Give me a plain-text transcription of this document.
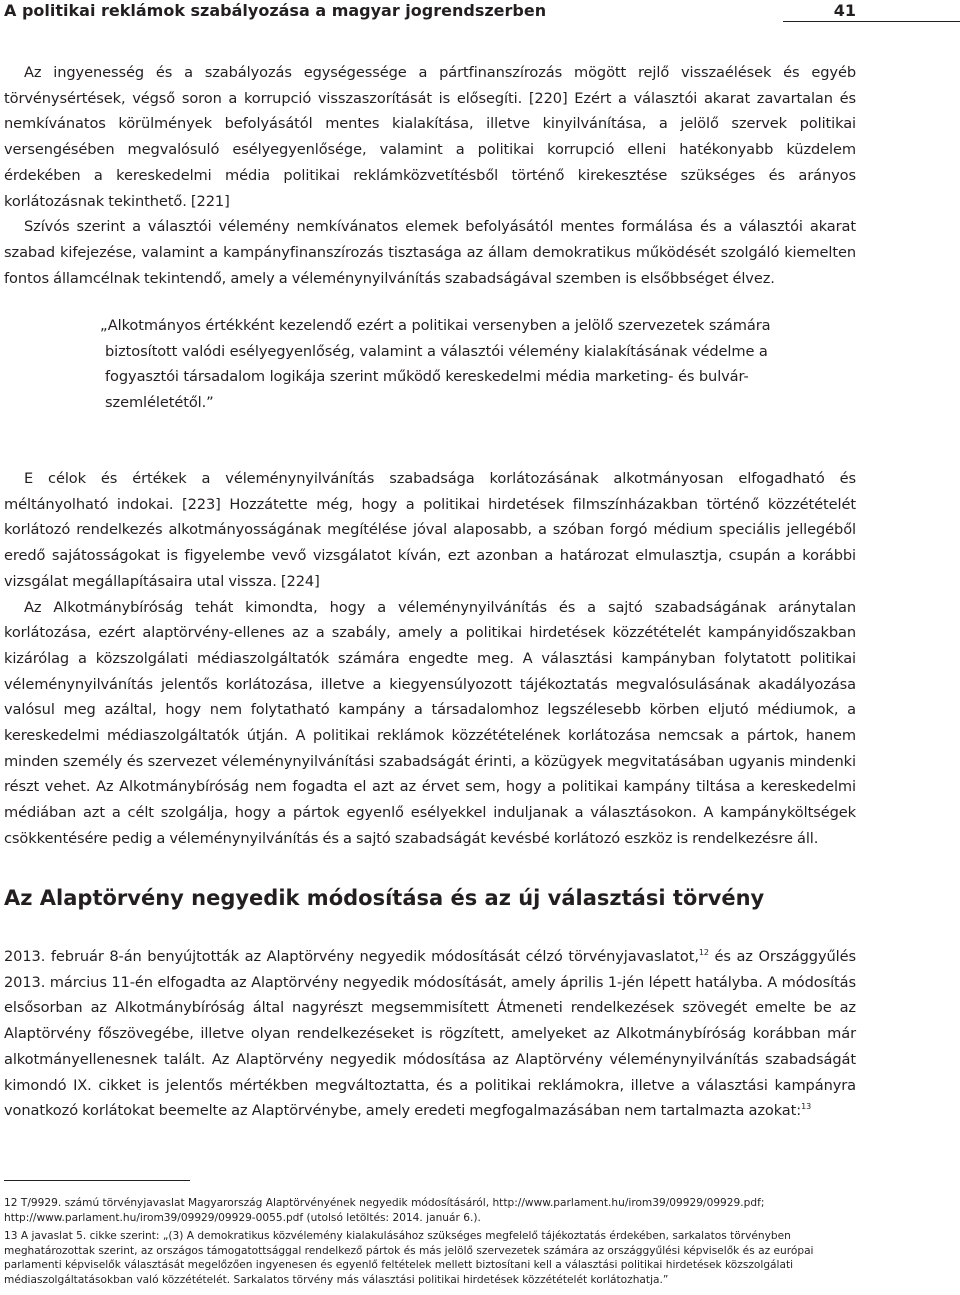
A politikai reklámok szabályozása a magyar jogrendszerben	41

Az ingyenesség és a szabályozás egységessége a pártfinanszírozás mögött rejlő visszaélések és egyéb törvénysértések, végső soron a korrupció visszaszorítását is elősegíti. [220] Ezért a választói akarat zavartalan és nemkívánatos körülmények befolyásától mentes kialakítása, illetve kinyilvánítása, a jelölő szervek politikai versengésében megvalósuló esélyegyenlősége, valamint a politikai korrupció elleni hatékonyabb küzdelem érdekében a kereskedelmi média politikai reklámközvetítésből történő kirekesztése szükséges és arányos korlátozásnak tekinthető. [221]

Szívós szerint a választói vélemény nemkívánatos elemek befolyásától mentes formálása és a választói akarat szabad kifejezése, valamint a kampányfinanszírozás tisztasága az állam demokratikus működését szolgáló kiemelten fontos államcélnak tekintendő, amely a véleménynyilvánítás szabadságával szemben is elsőbbséget élvez.

„Alkotmányos értékként kezelendő ezért a politikai versenyben a jelölő szervezetek számára
biztosított valódi esélyegyenlőség, valamint a választói vélemény kialakításának védelme a
fogyasztói társadalom logikája szerint működő kereskedelmi média marketing- és bulvár-
szemléletétől.”

E célok és értékek a véleménynyilvánítás szabadsága korlátozásának alkotmányosan elfogadható és méltányolható indokai. [223] Hozzátette még, hogy a politikai hirdetések filmszínházakban történő közzétételét korlátozó rendelkezés alkotmányosságának megítélése jóval alaposabb, a szóban forgó médium speciális jellegéből eredő sajátosságokat is figyelembe vevő vizsgálatot kíván, ezt azonban a határozat elmulasztja, csupán a korábbi vizsgálat megállapításaira utal vissza. [224]

Az Alkotmánybíróság tehát kimondta, hogy a véleménynyilvánítás és a sajtó szabadságának aránytalan korlátozása, ezért alaptörvény-ellenes az a szabály, amely a politikai hirdetések közzétételét kampányidőszakban kizárólag a közszolgálati médiaszolgáltatók számára engedte meg. A választási kampányban folytatott politikai véleménynyilvánítás jelentős korlátozása, illetve a kiegyensúlyozott tájékoztatás megvalósulásának akadályozása valósul meg azáltal, hogy nem folytatható kampány a társadalomhoz legszélesebb körben eljutó médiumok, a kereskedelmi médiaszolgáltatók útján. A politikai reklámok közzétételének korlátozása nemcsak a pártok, hanem minden személy és szervezet véleménynyilvánítási szabadságát érinti, a közügyek megvitatásában ugyanis mindenki részt vehet. Az Alkotmánybíróság nem fogadta el azt az érvet sem, hogy a politikai kampány tiltása a kereskedelmi médiában azt a célt szolgálja, hogy a pártok egyenlő esélyekkel induljanak a választásokon. A kampányköltségek csökkentésére pedig a véleménynyilvánítás és a sajtó szabadságát kevésbé korlátozó eszköz is rendelkezésre áll.

Az Alaptörvény negyedik módosítása és az új választási törvény

2013. február 8-án benyújtották az Alaptörvény negyedik módosítását célzó törvényjavaslatot,$^{12}$ és az Országgyűlés 2013. március 11-én elfogadta az Alaptörvény negyedik módosítását, amely április 1-jén lépett hatályba. A módosítás elsősorban az Alkotmánybíróság által nagyrészt megsemmisített Átmeneti rendelkezések szövegét emelte be az Alaptörvény főszövegébe, illetve olyan rendelkezéseket is rögzített, amelyeket az Alkotmánybíróság korábban már alkotmányellenesnek talált. Az Alaptörvény negyedik módosítása az Alaptörvény véleménynyilvánítás szabadságát kimondó IX. cikket is jelentős mértékben megváltoztatta, és a politikai reklámokra, illetve a választási kampányra vonatkozó korlátokat beemelte az Alaptörvénybe, amely eredeti megfogalmazásában nem tartalmazta azokat:$^{13}$

12 T/9929. számú törvényjavaslat Magyarország Alaptörvényének negyedik módosításáról, http://www.parlament.hu/irom39/09929/09929.pdf; http://www.parlament.hu/irom39/09929/09929-0055.pdf (utolsó letöltés: 2014. január 6.).

13 A javaslat 5. cikke szerint: „(3) A demokratikus közvélemény kialakulásához szükséges megfelelő tájékoztatás érdekében, sarkalatos törvényben meghatározottak szerint, az országos támogatottsággal rendelkező pártok és más jelölő szervezetek számára az országgyűlési képviselők és az európai parlamenti képviselők választását megelőzően ingyenesen és egyenlő feltételek mellett biztosítani kell a választási politikai hirdetések közszolgálati médiaszolgáltatásokban való közzétételét. Sarkalatos törvény más választási politikai hirdetések közzétételét korlátozhatja.”
